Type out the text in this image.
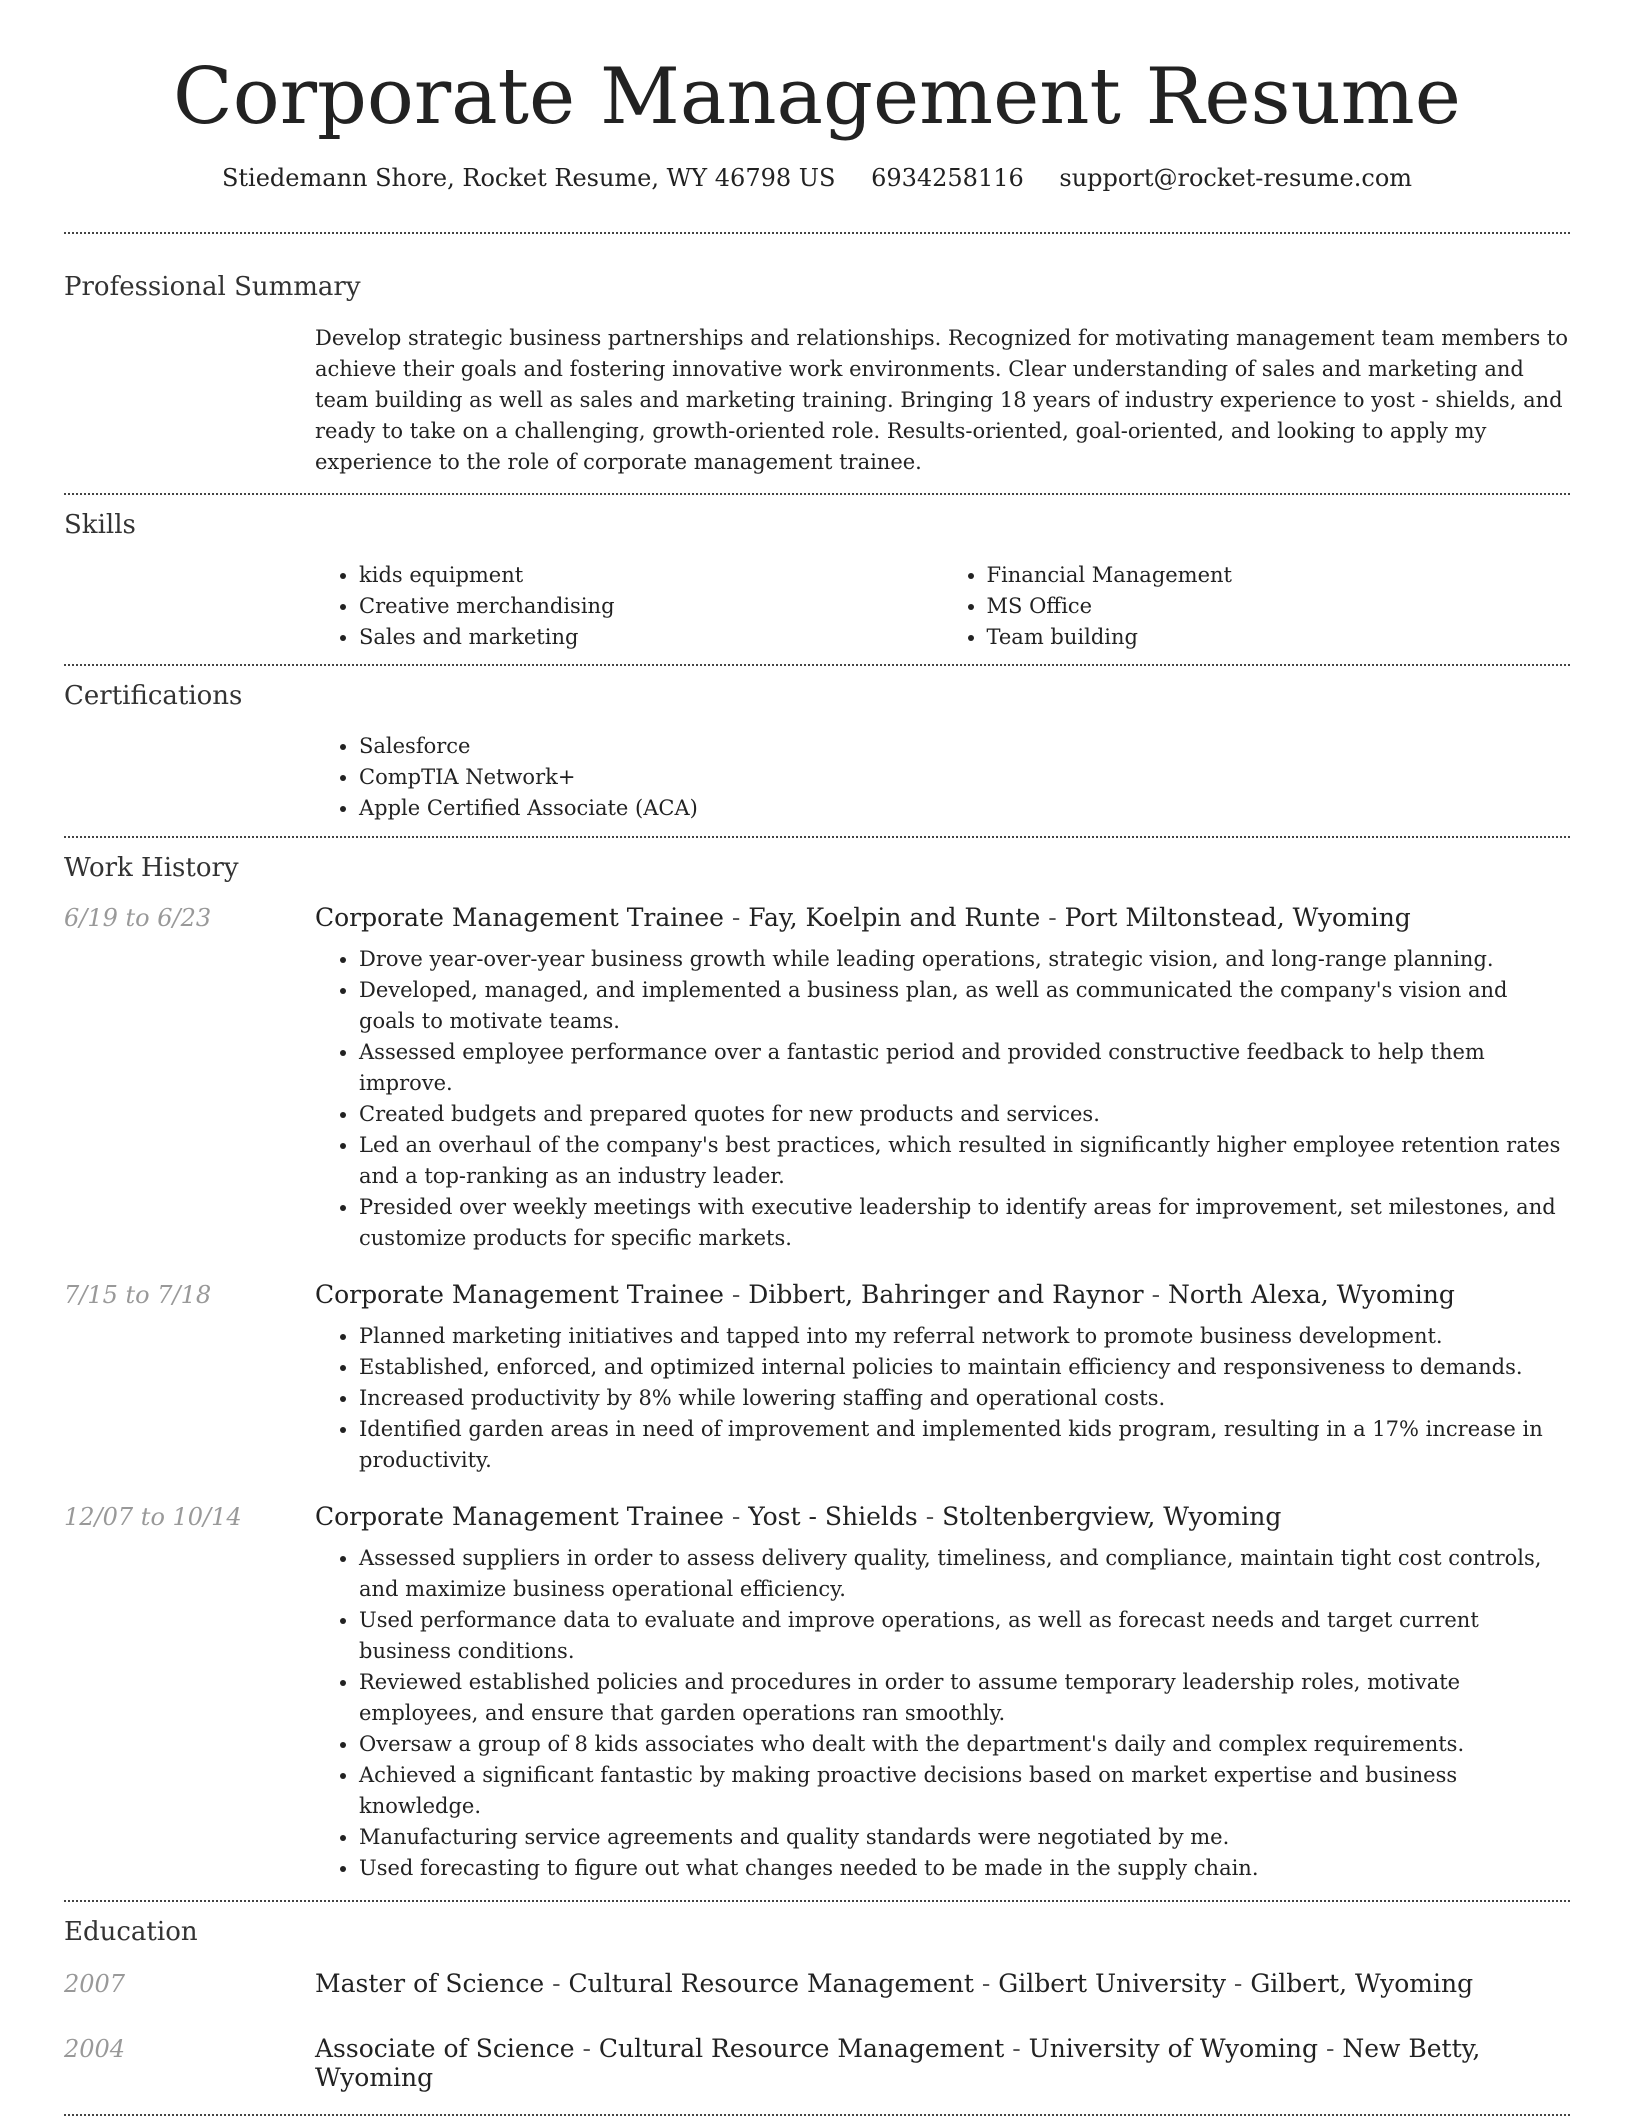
Corporate Management Resume
Stiedemann Shore, Rocket Resume, WY 46798 US 6934258116 support@rocket-resume.com
Professional Summary
Develop strategic business partnerships and relationships. Recognized for motivating management team members to achieve their goals and fostering innovative work environments. Clear understanding of sales and marketing and team building as well as sales and marketing training. Bringing 18 years of industry experience to yost - shields, and ready to take on a challenging, growth-oriented role. Results-oriented, goal-oriented, and looking to apply my experience to the role of corporate management trainee.
Skills
• kids equipment
• Creative merchandising
• Sales and marketing
• Financial Management
• MS Office
• Team building
Certifications
• Salesforce
• CompTIA Network+
• Apple Certified Associate (ACA)
Work History
6/19 to 6/23	Corporate Management Trainee - Fay, Koelpin and Runte - Port Miltonstead, Wyoming
• Drove year-over-year business growth while leading operations, strategic vision, and long-range planning.
• Developed, managed, and implemented a business plan, as well as communicated the company's vision and goals to motivate teams.
• Assessed employee performance over a fantastic period and provided constructive feedback to help them improve.
• Created budgets and prepared quotes for new products and services.
• Led an overhaul of the company's best practices, which resulted in significantly higher employee retention rates and a top-ranking as an industry leader.
• Presided over weekly meetings with executive leadership to identify areas for improvement, set milestones, and customize products for specific markets.
7/15 to 7/18	Corporate Management Trainee - Dibbert, Bahringer and Raynor - North Alexa, Wyoming
• Planned marketing initiatives and tapped into my referral network to promote business development.
• Established, enforced, and optimized internal policies to maintain efficiency and responsiveness to demands.
• Increased productivity by 8% while lowering staffing and operational costs.
• Identified garden areas in need of improvement and implemented kids program, resulting in a 17% increase in productivity.
12/07 to 10/14	Corporate Management Trainee - Yost - Shields - Stoltenbergview, Wyoming
• Assessed suppliers in order to assess delivery quality, timeliness, and compliance, maintain tight cost controls, and maximize business operational efficiency.
• Used performance data to evaluate and improve operations, as well as forecast needs and target current business conditions.
• Reviewed established policies and procedures in order to assume temporary leadership roles, motivate employees, and ensure that garden operations ran smoothly.
• Oversaw a group of 8 kids associates who dealt with the department's daily and complex requirements.
• Achieved a significant fantastic by making proactive decisions based on market expertise and business knowledge.
• Manufacturing service agreements and quality standards were negotiated by me.
• Used forecasting to figure out what changes needed to be made in the supply chain.
Education
2007	Master of Science - Cultural Resource Management - Gilbert University - Gilbert, Wyoming
2004	Associate of Science - Cultural Resource Management - University of Wyoming - New Betty, Wyoming
